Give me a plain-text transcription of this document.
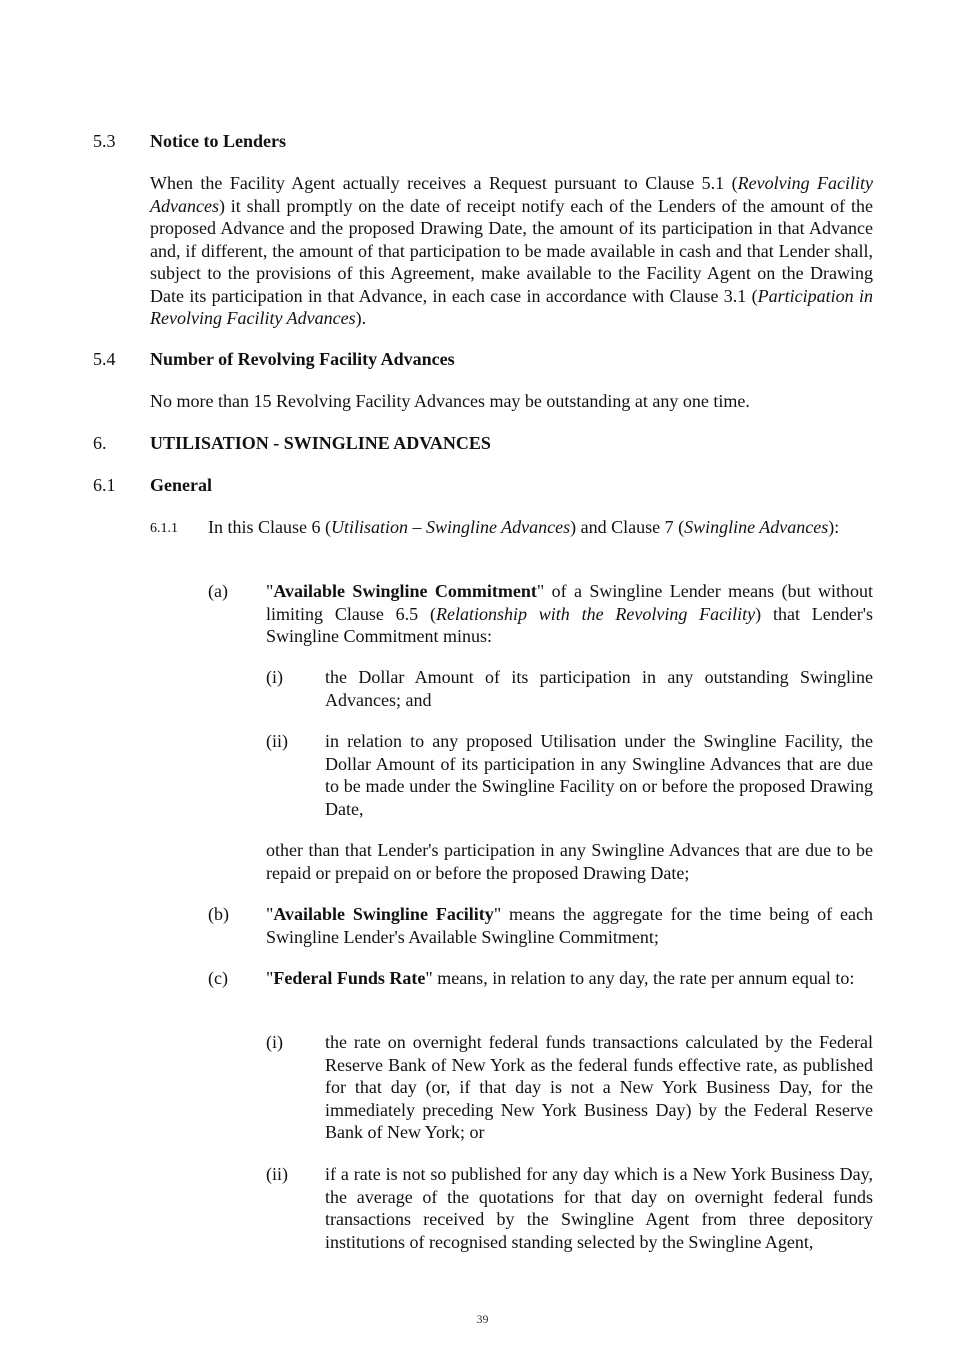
5.3 Notice to Lenders
When the Facility Agent actually receives a Request pursuant to Clause 5.1 (Revolving Facility Advances) it shall promptly on the date of receipt notify each of the Lenders of the amount of the proposed Advance and the proposed Drawing Date, the amount of its participation in that Advance and, if different, the amount of that participation to be made available in cash and that Lender shall, subject to the provisions of this Agreement, make available to the Facility Agent on the Drawing Date its participation in that Advance, in each case in accordance with Clause 3.1 (Participation in Revolving Facility Advances).
5.4 Number of Revolving Facility Advances
No more than 15 Revolving Facility Advances may be outstanding at any one time.
6. UTILISATION - SWINGLINE ADVANCES
6.1 General
6.1.1 In this Clause 6 (Utilisation – Swingline Advances) and Clause 7 (Swingline Advances):
(a) "Available Swingline Commitment" of a Swingline Lender means (but without limiting Clause 6.5 (Relationship with the Revolving Facility) that Lender's Swingline Commitment minus:
(i) the Dollar Amount of its participation in any outstanding Swingline Advances; and
(ii) in relation to any proposed Utilisation under the Swingline Facility, the Dollar Amount of its participation in any Swingline Advances that are due to be made under the Swingline Facility on or before the proposed Drawing Date,
other than that Lender's participation in any Swingline Advances that are due to be repaid or prepaid on or before the proposed Drawing Date;
(b) "Available Swingline Facility" means the aggregate for the time being of each Swingline Lender's Available Swingline Commitment;
(c) "Federal Funds Rate" means, in relation to any day, the rate per annum equal to:
(i) the rate on overnight federal funds transactions calculated by the Federal Reserve Bank of New York as the federal funds effective rate, as published for that day (or, if that day is not a New York Business Day, for the immediately preceding New York Business Day) by the Federal Reserve Bank of New York; or
(ii) if a rate is not so published for any day which is a New York Business Day, the average of the quotations for that day on overnight federal funds transactions received by the Swingline Agent from three depository institutions of recognised standing selected by the Swingline Agent,
39
